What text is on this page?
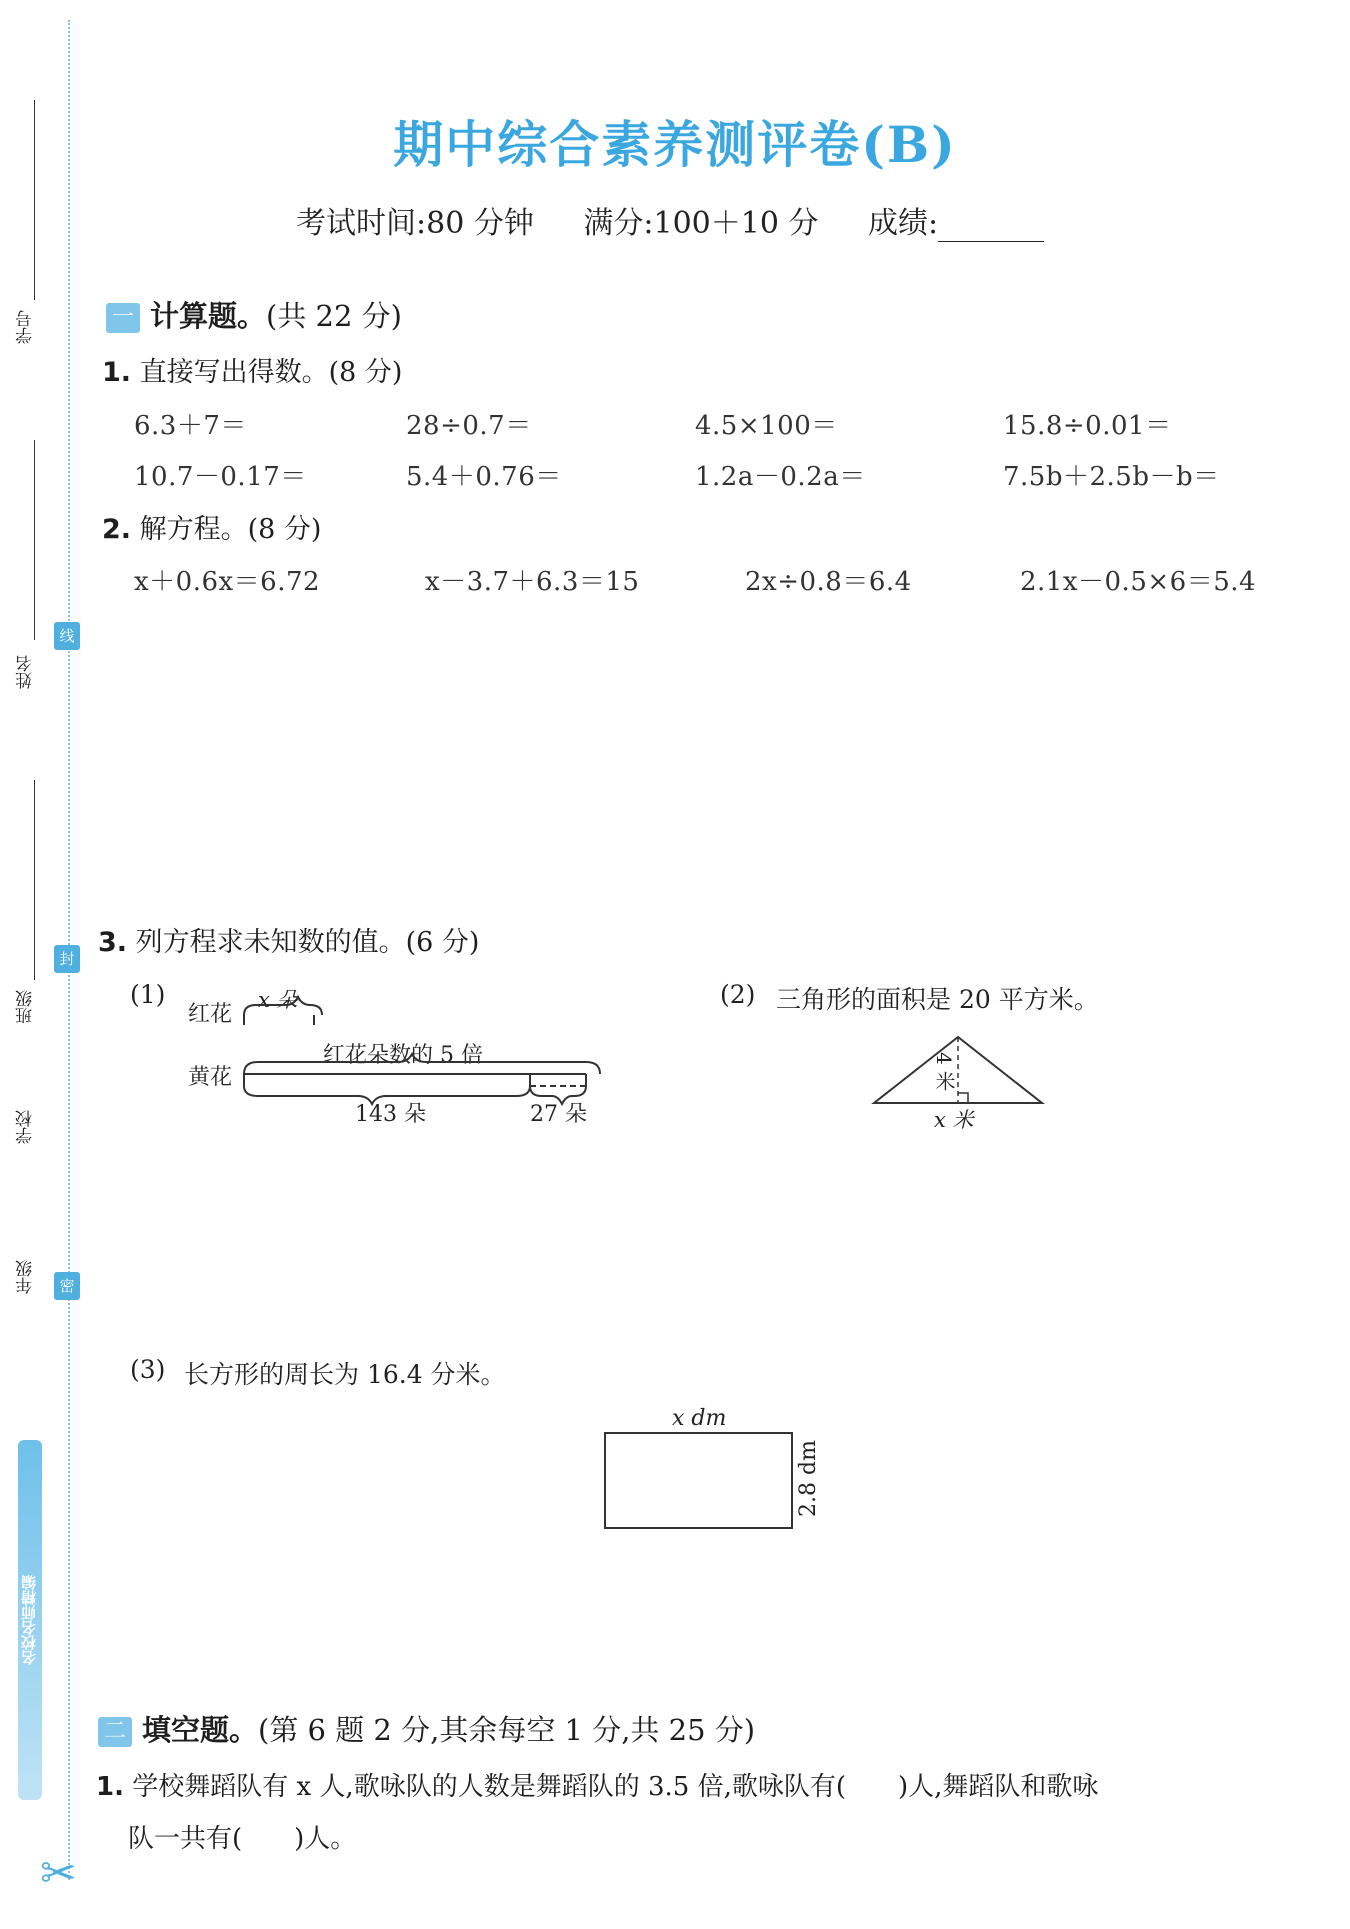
学号
姓名
班级
学校
年级
线
封
密
名校名师精编
✂
期中综合素养测评卷(B)
考试时间:80 分钟 满分:100＋10 分 成绩:
一 计算题。(共 22 分)
1. 直接写出得数。(8 分)
6.3＋7＝	28÷0.7＝	4.5×100＝	15.8÷0.01＝
10.7－0.17＝	5.4＋0.76＝	1.2a－0.2a＝	7.5b＋2.5b－b＝
2. 解方程。(8 分)
x＋0.6x＝6.72	x－3.7＋6.3＝15	2x÷0.8＝6.4	2.1x－0.5×6＝5.4
3. 列方程求未知数的值。(6 分)
(1)
红花
x 朵
黄花
红花朵数的 5 倍
143 朵	27 朵
(2) 三角形的面积是 20 平方米。
4 米
x 米
(3) 长方形的周长为 16.4 分米。
x dm
2.8 dm
二 填空题。(第 6 题 2 分,其余每空 1 分,共 25 分)
1. 学校舞蹈队有 x 人,歌咏队的人数是舞蹈队的 3.5 倍,歌咏队有(　　)人,舞蹈队和歌咏
队一共有(　　)人。
